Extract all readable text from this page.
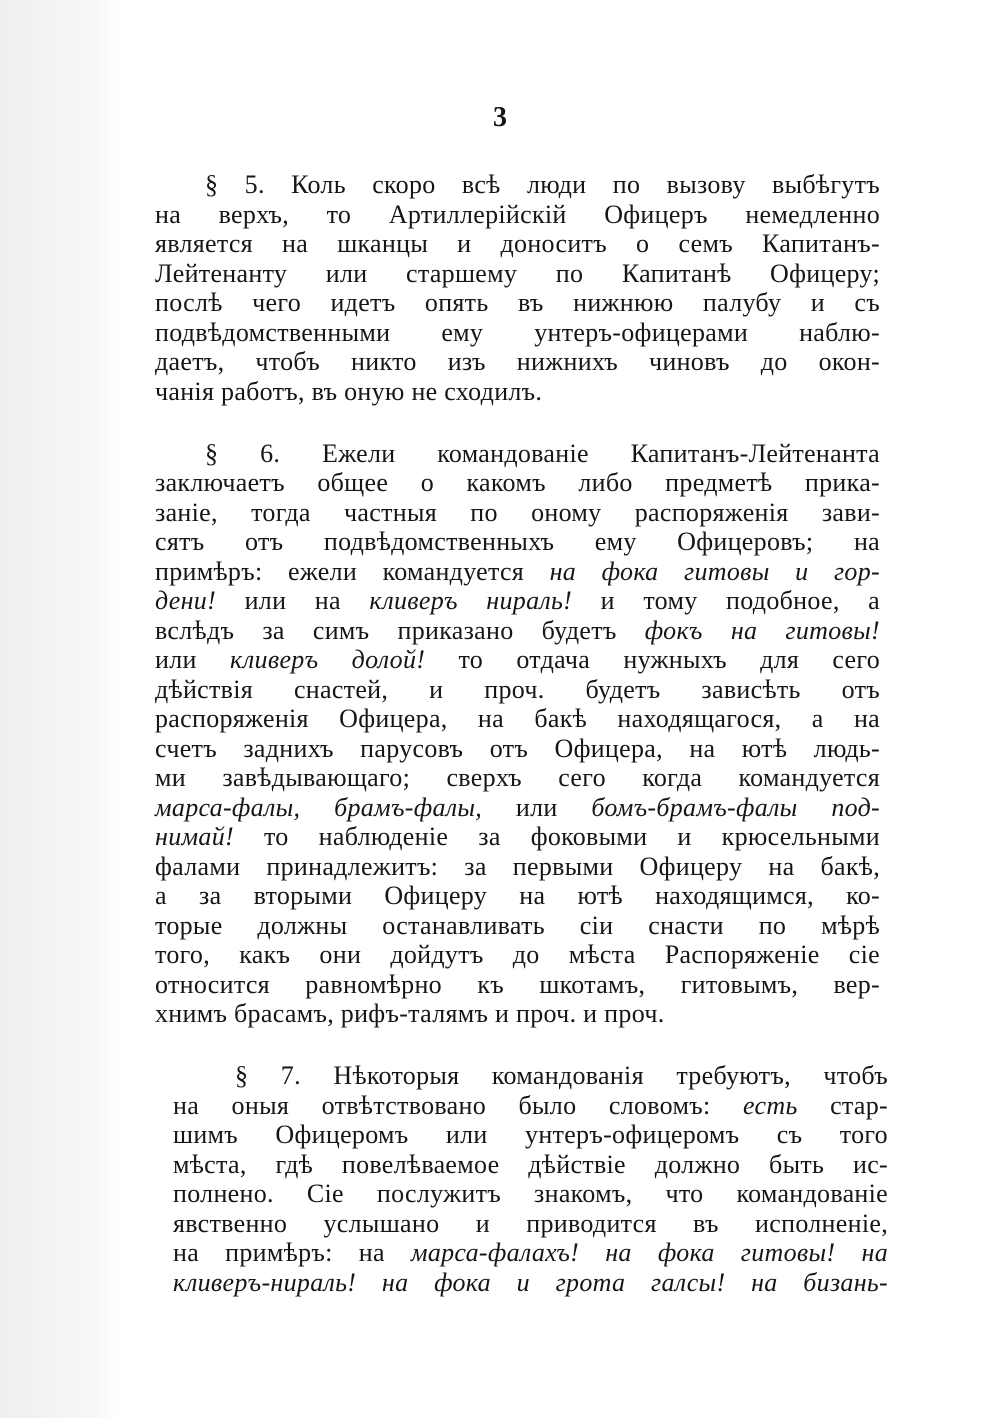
3
§ 5. Коль скоро всѣ люди по вызову выбѣгутъ
на верхъ, то Артиллерійскій Офицеръ немедленно
является на шканцы и доноситъ о семъ Капитанъ-
Лейтенанту или старшему по Капитанѣ Офицеру;
послѣ чего идетъ опять въ нижнюю палубу и съ
подвѣдомственными ему унтеръ-офицерами наблю-
даетъ, чтобъ никто изъ нижнихъ чиновъ до окон-
чанія работъ, въ оную не сходилъ.
§ 6. Ежели командованіе Капитанъ-Лейтенанта
заключаетъ общее о какомъ либо предметѣ прика-
заніе, тогда частныя по оному распоряженія зави-
сятъ отъ подвѣдомственныхъ ему Офицеровъ; на
примѣръ: ежели командуется на фока гитовы и гор-
дени! или на кливеръ нираль! и тому подобное, а
вслѣдъ за симъ приказано будетъ фокъ на гитовы!
или кливеръ долой! то отдача нужныхъ для сего
дѣйствія снастей, и проч. будетъ зависѣть отъ
распоряженія Офицера, на бакѣ находящагося, а на
счетъ заднихъ парусовъ отъ Офицера, на ютѣ людь-
ми завѣдывающаго; сверхъ сего когда командуется
марса-фалы, брамъ-фалы, или бомъ-брамъ-фалы под-
нимай! то наблюденіе за фоковыми и крюсельными
фалами принадлежитъ: за первыми Офицеру на бакѣ,
а за вторыми Офицеру на ютѣ находящимся, ко-
торые должны останавливать сіи снасти по мѣрѣ
того, какъ они дойдутъ до мѣста Распоряженіе сіе
относится равномѣрно къ шкотамъ, гитовымъ, вер-
хнимъ брасамъ, рифъ-талямъ и проч. и проч.
§ 7. Нѣкоторыя командованія требуютъ, чтобъ
на оныя отвѣтствовано было словомъ: есть стар-
шимъ Офицеромъ или унтеръ-офицеромъ съ того
мѣста, гдѣ повелѣваемое дѣйствіе должно быть ис-
полнено. Сіе послужитъ знакомъ, что командованіе
явственно услышано и приводится въ исполненіе,
на примѣръ: на марса-фалахъ! на фока гитовы! на
кливеръ-нираль! на фока и грота галсы! на бизань-
